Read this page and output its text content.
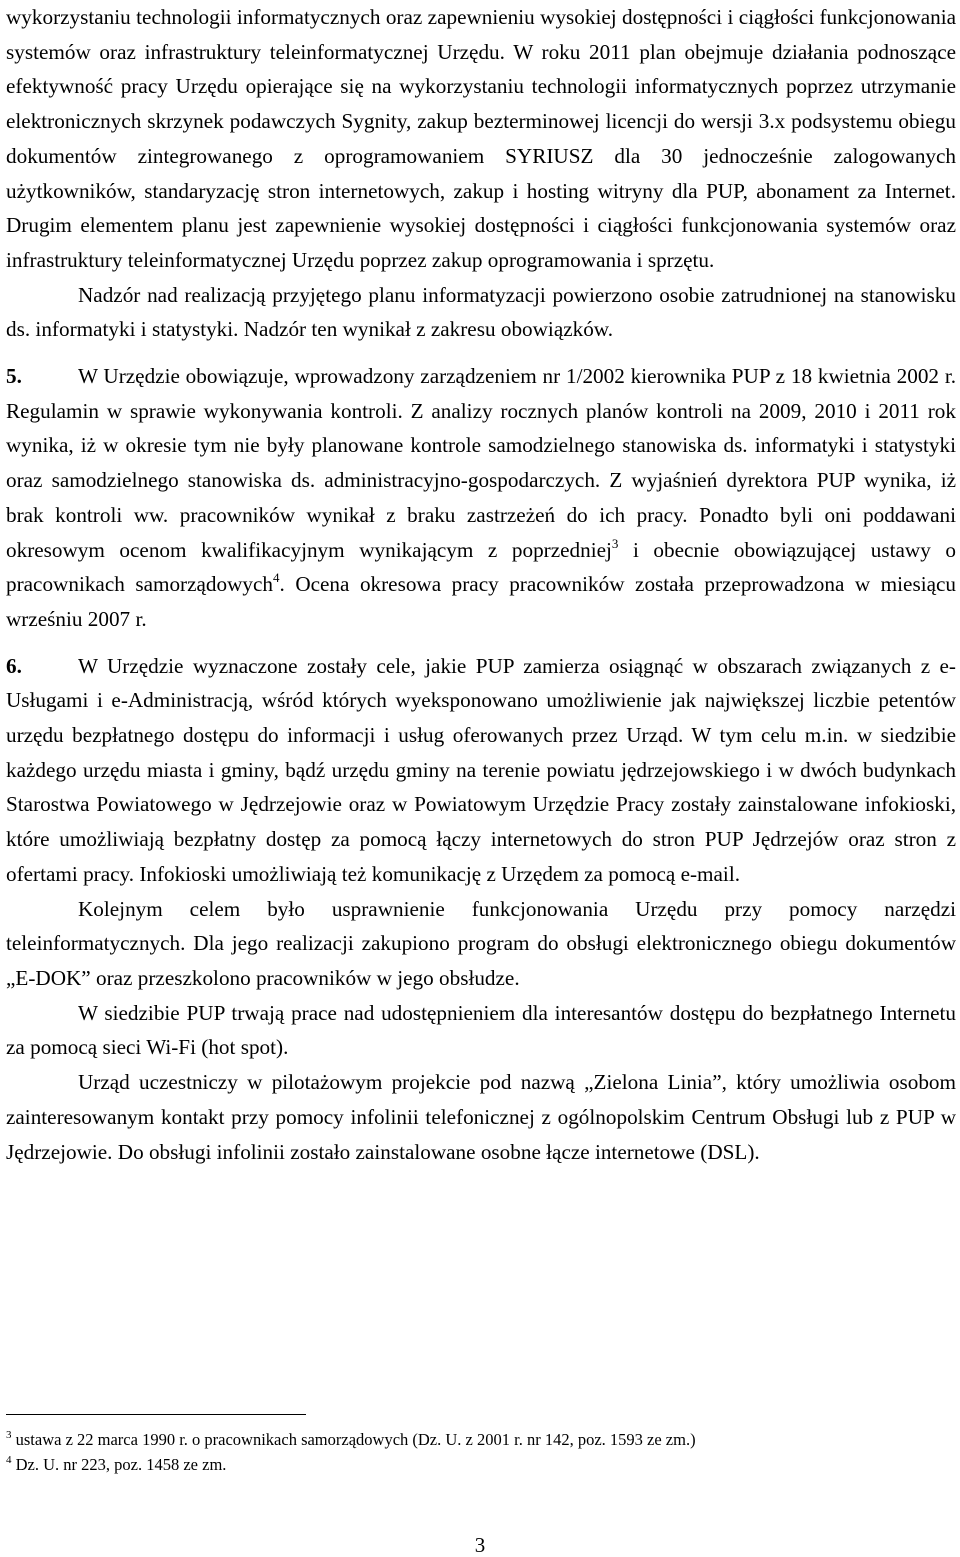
wykorzystaniu technologii informatycznych oraz zapewnieniu wysokiej dostępności i ciągłości funkcjonowania systemów oraz infrastruktury teleinformatycznej Urzędu. W roku 2011 plan obejmuje działania podnoszące efektywność pracy Urzędu opierające się na wykorzystaniu technologii informatycznych poprzez utrzymanie elektronicznych skrzynek podawczych Sygnity, zakup bezterminowej licencji do wersji 3.x podsystemu obiegu dokumentów zintegrowanego z oprogramowaniem SYRIUSZ dla 30 jednocześnie zalogowanych użytkowników, standaryzację stron internetowych, zakup i hosting witryny dla PUP, abonament za Internet. Drugim elementem planu jest zapewnienie wysokiej dostępności i ciągłości funkcjonowania systemów oraz infrastruktury teleinformatycznej Urzędu poprzez zakup oprogramowania i sprzętu.

Nadzór nad realizacją przyjętego planu informatyzacji powierzono osobie zatrudnionej na stanowisku ds. informatyki i statystyki. Nadzór ten wynikał z zakresu obowiązków.

5.	W Urzędzie obowiązuje, wprowadzony zarządzeniem nr 1/2002 kierownika PUP z 18 kwietnia 2002 r. Regulamin w sprawie wykonywania kontroli. Z analizy rocznych planów kontroli na 2009, 2010 i 2011 rok wynika, iż w okresie tym nie były planowane kontrole samodzielnego stanowiska ds. informatyki i statystyki oraz samodzielnego stanowiska ds. administracyjno-gospodarczych. Z wyjaśnień dyrektora PUP wynika, iż brak kontroli ww. pracowników wynikał z braku zastrzeżeń do ich pracy. Ponadto byli oni poddawani okresowym ocenom kwalifikacyjnym wynikającym z poprzedniej$^3$ i obecnie obowiązującej ustawy o pracownikach samorządowych$^4$. Ocena okresowa pracy pracowników została przeprowadzona w miesiącu wrześniu 2007 r.

6.	W Urzędzie wyznaczone zostały cele, jakie PUP zamierza osiągnąć w obszarach związanych z e-Usługami i e-Administracją, wśród których wyeksponowano umożliwienie jak największej liczbie petentów urzędu bezpłatnego dostępu do informacji i usług oferowanych przez Urząd. W tym celu m.in. w siedzibie każdego urzędu miasta i gminy, bądź urzędu gminy na terenie powiatu jędrzejowskiego i w dwóch budynkach Starostwa Powiatowego w Jędrzejowie oraz w Powiatowym Urzędzie Pracy zostały zainstalowane infokioski, które umożliwiają bezpłatny dostęp za pomocą łączy internetowych do stron PUP Jędrzejów oraz stron z ofertami pracy. Infokioski umożliwiają też komunikację z Urzędem za pomocą e-mail.

Kolejnym celem było usprawnienie funkcjonowania Urzędu przy pomocy narzędzi teleinformatycznych. Dla jego realizacji zakupiono program do obsługi elektronicznego obiegu dokumentów „E-DOK” oraz przeszkolono pracowników w jego obsłudze.

W siedzibie PUP trwają prace nad udostępnieniem dla interesantów dostępu do bezpłatnego Internetu za pomocą sieci Wi-Fi (hot spot).

Urząd uczestniczy w pilotażowym projekcie pod nazwą „Zielona Linia”, który umożliwia osobom zainteresowanym kontakt przy pomocy infolinii telefonicznej z ogólnopolskim Centrum Obsługi lub z PUP w Jędrzejowie. Do obsługi infolinii zostało zainstalowane osobne łącze internetowe (DSL).

$^3$ ustawa z 22 marca 1990 r. o pracownikach samorządowych (Dz. U. z 2001 r. nr 142, poz. 1593 ze zm.)

$^4$ Dz. U. nr 223, poz. 1458 ze zm.

3
